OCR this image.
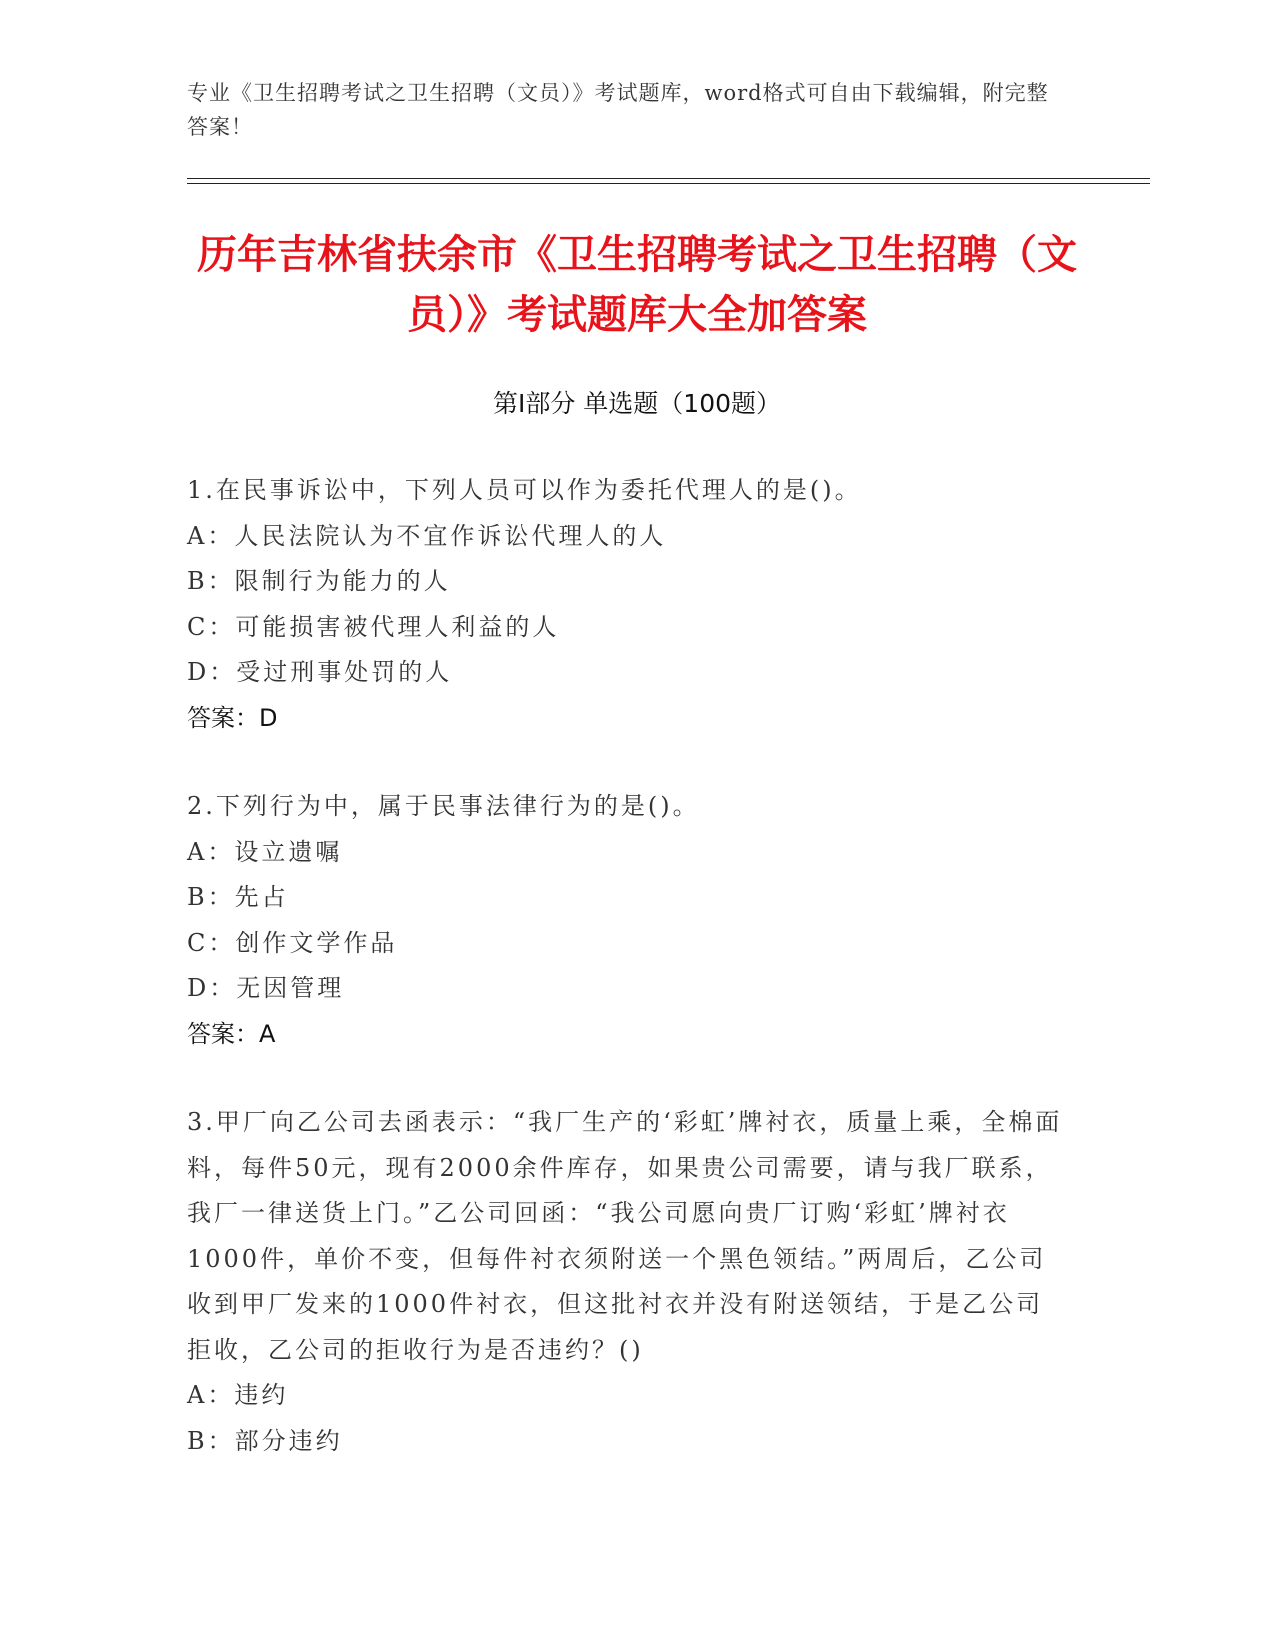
专业《卫生招聘考试之卫生招聘（文员）》考试题库，word格式可自由下载编辑，附完整答案！
历年吉林省扶余市《卫生招聘考试之卫生招聘（文员）》考试题库大全加答案
第Ⅰ部分 单选题（100题）
1.在民事诉讼中，下列人员可以作为委托代理人的是()。
A：人民法院认为不宜作诉讼代理人的人
B：限制行为能力的人
C：可能损害被代理人利益的人
D：受过刑事处罚的人
答案：D
2.下列行为中，属于民事法律行为的是()。
A：设立遗嘱
B：先占
C：创作文学作品
D：无因管理
答案：A
3.甲厂向乙公司去函表示：“我厂生产的‘彩虹’牌衬衣，质量上乘，全棉面料，每件50元，现有2000余件库存，如果贵公司需要，请与我厂联系，我厂一律送货上门。”乙公司回函：“我公司愿向贵厂订购‘彩虹’牌衬衣1000件，单价不变，但每件衬衣须附送一个黑色领结。”两周后，乙公司收到甲厂发来的1000件衬衣，但这批衬衣并没有附送领结，于是乙公司拒收，乙公司的拒收行为是否违约？()
A：违约
B：部分违约
